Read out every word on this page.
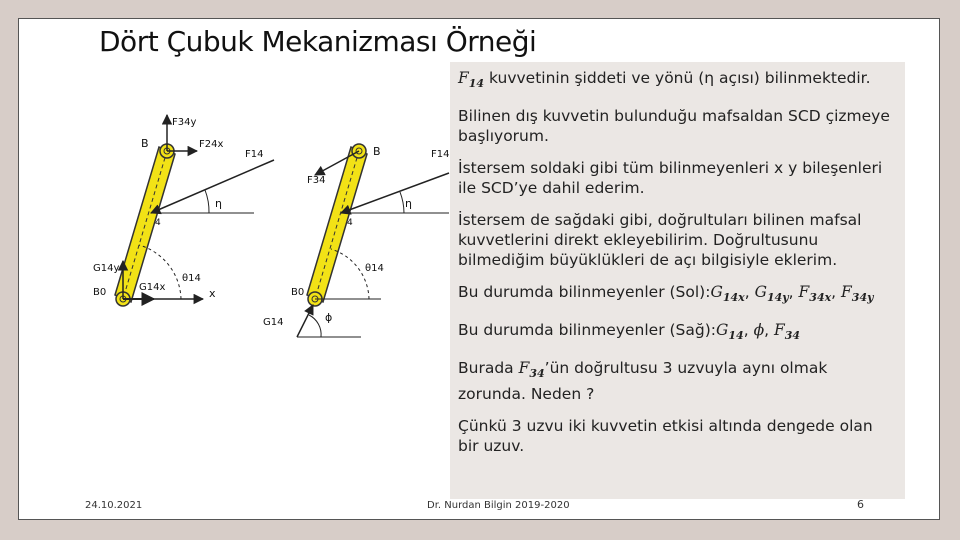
Dört Çubuk Mekanizması Örneği
B
F34y
F24x
F14
η
4
θ14
G14y
G14x
B0	x
B
F34
F14
η
4
θ14
B0
G14	ϕ

$F_{14}$ kuvvetinin şiddeti ve yönü (η açısı) bilinmektedir.

Bilinen dış kuvvetin bulunduğu mafsaldan SCD çizmeye başlıyorum.

İstersem soldaki gibi tüm bilinmeyenleri x y bileşenleri ile SCD’ye dahil ederim.

İstersem de sağdaki gibi, doğrultuları bilinen mafsal kuvvetlerini direkt ekleyebilirim. Doğrultusunu bilmediğim büyüklükleri de açı bilgisiyle eklerim.

Bu durumda bilinmeyenler $(Sol):G_{14x}$, $G_{14y}$, $F_{34x}$, $F_{34y}$

Bu durumda bilinmeyenler $(Sağ):G_{14}$, ϕ, $F_{34}$

Burada $F_{34}’ün$ doğrultusu 3 uzvuyla aynı olmak zorunda. Neden ?

Çünkü 3 uzvu iki kuvvetin etkisi altında dengede olan bir uzuv.

24.10.2021	Dr. Nurdan Bilgin 2019-2020	6
